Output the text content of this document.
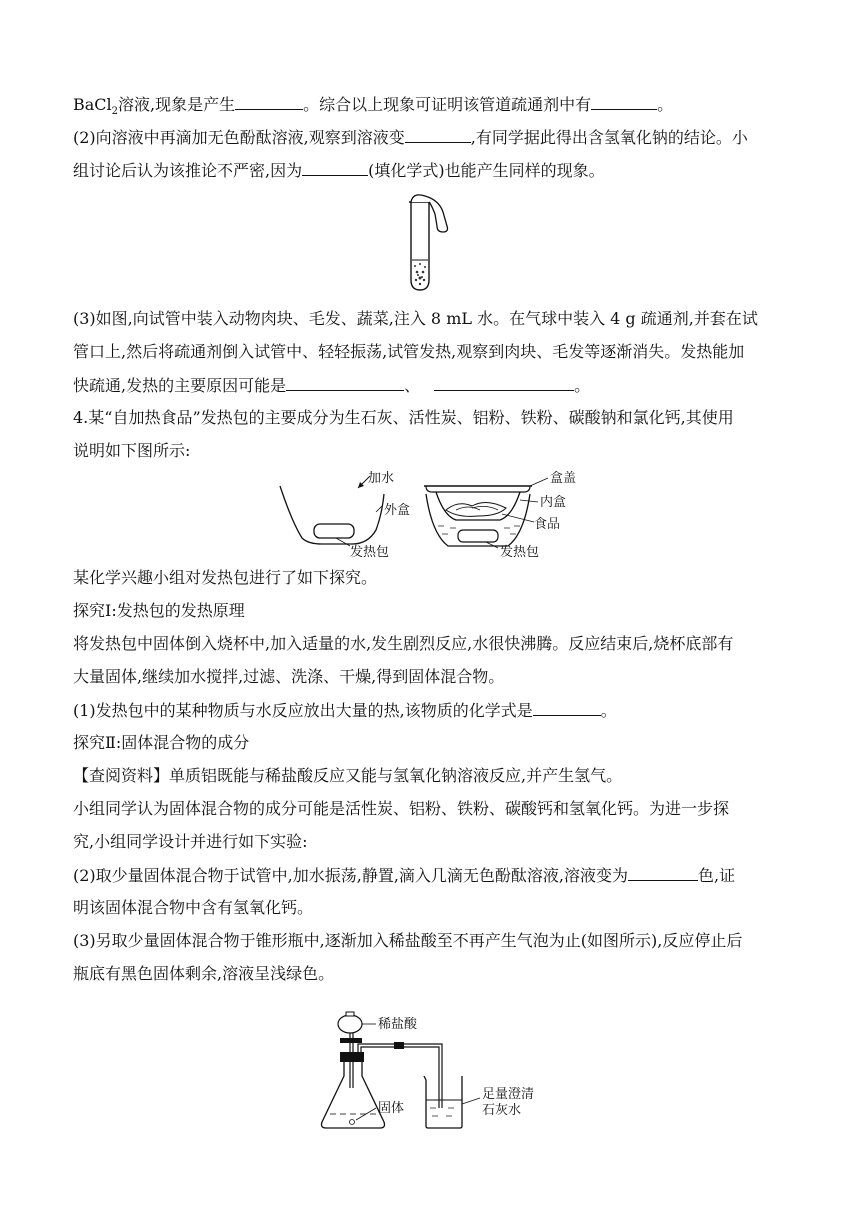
BaCl$_2$溶液,现象是产生	。综合以上现象可证明该管道疏通剂中有	。
(2)向溶液中再滴加无色酚酞溶液,观察到溶液变	,有同学据此得出含氢氧化钠的结论。小
组讨论后认为该推论不严密,因为	(填化学式)也能产生同样的现象。
(3)如图,向试管中装入动物肉块、毛发、蔬菜,注入 8 mL 水。在气球中装入 4 g 疏通剂,并套在试
管口上,然后将疏通剂倒入试管中、轻轻振荡,试管发热,观察到肉块、毛发等逐渐消失。发热能加
快疏通,发热的主要原因可能是	、	。
4.某“自加热食品”发热包的主要成分为生石灰、活性炭、铝粉、铁粉、碳酸钠和氯化钙,其使用
说明如下图所示:
加水
外盒
发热包
盒盖
内盒
食品
发热包
某化学兴趣小组对发热包进行了如下探究。
探究Ⅰ:发热包的发热原理
将发热包中固体倒入烧杯中,加入适量的水,发生剧烈反应,水很快沸腾。反应结束后,烧杯底部有
大量固体,继续加水搅拌,过滤、洗涤、干燥,得到固体混合物。
(1)发热包中的某种物质与水反应放出大量的热,该物质的化学式是	。
探究Ⅱ:固体混合物的成分
【查阅资料】单质铝既能与稀盐酸反应又能与氢氧化钠溶液反应,并产生氢气。
小组同学认为固体混合物的成分可能是活性炭、铝粉、铁粉、碳酸钙和氢氧化钙。为进一步探
究,小组同学设计并进行如下实验:
(2)取少量固体混合物于试管中,加水振荡,静置,滴入几滴无色酚酞溶液,溶液变为	色,证
明该固体混合物中含有氢氧化钙。
(3)另取少量固体混合物于锥形瓶中,逐渐加入稀盐酸至不再产生气泡为止(如图所示),反应停止后
瓶底有黑色固体剩余,溶液呈浅绿色。
稀盐酸
固体
足量澄清
石灰水
